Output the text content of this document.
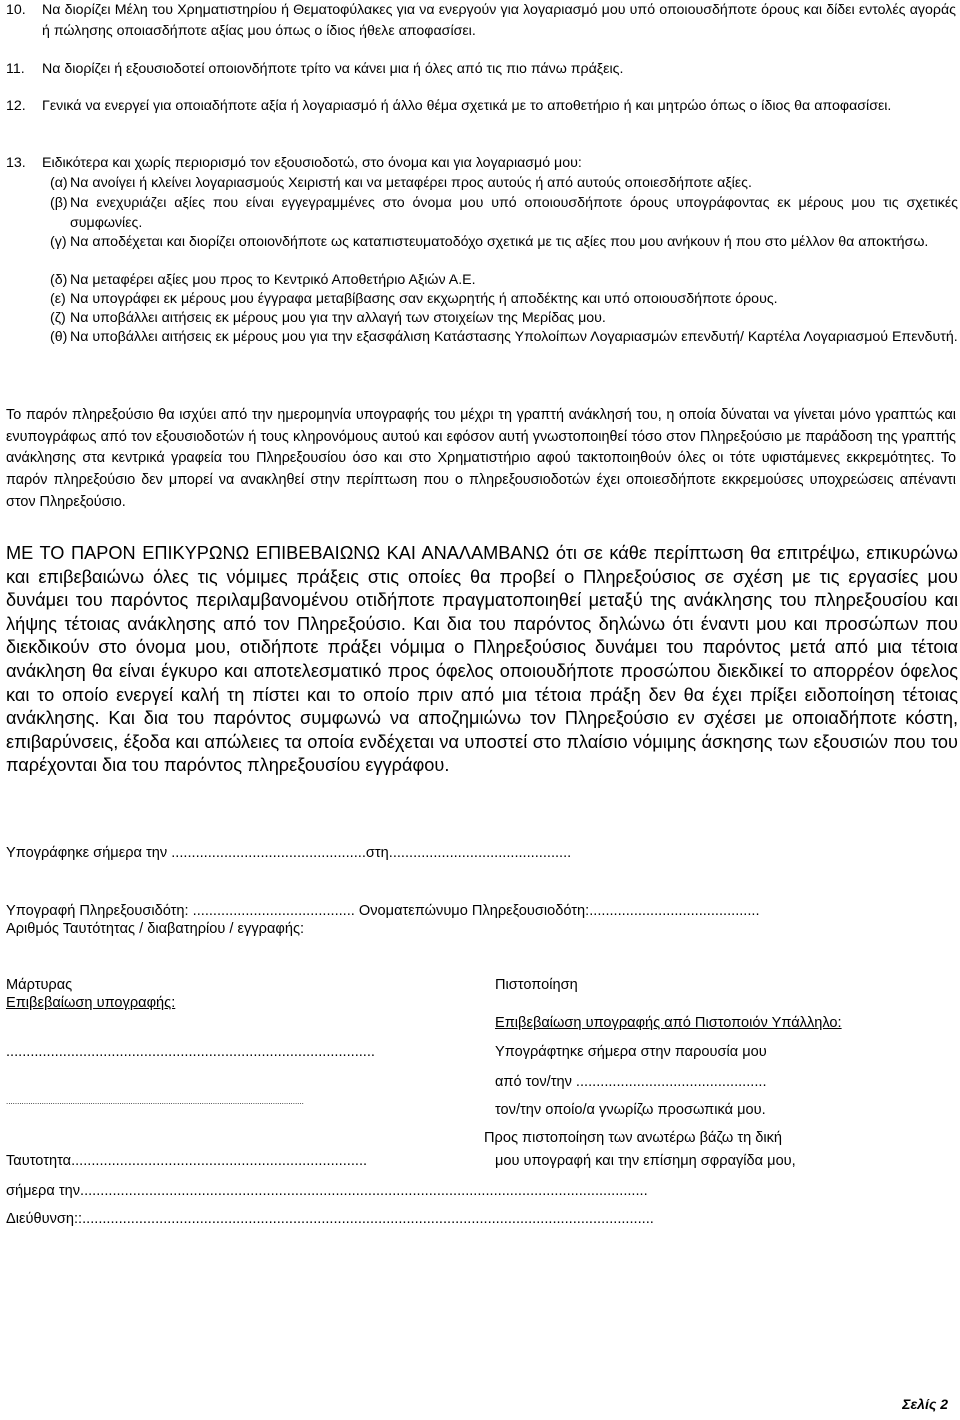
10. Να διορίζει Μέλη του Χρηματιστηρίου ή Θεματοφύλακες για να ενεργούν για λογαριασμό μου υπό οποιουσδήποτε όρους και δίδει εντολές αγοράς ή πώλησης οποιασδήποτε αξίας μου όπως ο ίδιος ήθελε αποφασίσει.
11. Να διορίζει ή εξουσιοδοτεί οποιονδήποτε τρίτο να κάνει μια ή όλες από τις πιο πάνω πράξεις.
12. Γενικά να ενεργεί για οποιαδήποτε αξία ή λογαριασμό ή άλλο θέμα σχετικά με το αποθετήριο ή και μητρώο όπως ο ίδιος θα αποφασίσει.
13. Ειδικότερα και χωρίς περιορισμό τον εξουσιοδοτώ, στο όνομα και για λογαριασμό μου:
(α) Να ανοίγει ή κλείνει λογαριασμούς Χειριστή και να μεταφέρει προς αυτούς ή από αυτούς οποιεσδήποτε αξίες.
(β) Να ενεχυριάζει αξίες που είναι εγγεγραμμένες στο όνομα μου υπό οποιουσδήποτε όρους υπογράφοντας εκ μέρους μου τις σχετικές συμφωνίες.
(γ) Να αποδέχεται και διορίζει οποιονδήποτε ως καταπιστευματοδόχο σχετικά με τις αξίες που μου ανήκουν ή που στο μέλλον θα αποκτήσω.
(δ) Να μεταφέρει αξίες μου προς το Κεντρικό Αποθετήριο Αξιών Α.Ε.
(ε) Να υπογράφει εκ μέρους μου έγγραφα μεταβίβασης σαν εκχωρητής ή αποδέκτης και υπό οποιουσδήποτε όρους.
(ζ) Να υποβάλλει αιτήσεις εκ μέρους μου για την αλλαγή των στοιχείων της Μερίδας μου.
(θ) Να υποβάλλει αιτήσεις εκ μέρους μου για την εξασφάλιση Κατάστασης Υπολοίπων Λογαριασμών επενδυτή/ Καρτέλα Λογαριασμού Επενδυτή.
Το παρόν πληρεξούσιο θα ισχύει από την ημερομηνία υπογραφής του μέχρι τη γραπτή ανάκλησή του, η οποία δύναται να γίνεται μόνο γραπτώς και ενυπογράφως από τον εξουσιοδοτών ή τους κληρονόμους αυτού και εφόσον αυτή γνωστοποιηθεί τόσο στον Πληρεξούσιο με παράδοση της γραπτής ανάκλησης στα κεντρικά γραφεία του Πληρεξουσίου όσο και στο Χρηματιστήριο αφού τακτοποιηθούν όλες οι τότε υφιστάμενες εκκρεμότητες. Το παρόν πληρεξούσιο δεν μπορεί να ανακληθεί στην περίπτωση που ο πληρεξουσιοδοτών έχει οποιεσδήποτε εκκρεμούσες υποχρεώσεις απέναντι στον Πληρεξούσιο.
ΜΕ ΤΟ ΠΑΡΟΝ ΕΠΙΚΥΡΩΝΩ ΕΠΙΒΕΒΑΙΩΝΩ ΚΑΙ ΑΝΑΛΑΜΒΑΝΩ ότι σε κάθε περίπτωση θα επιτρέψω, επικυρώνω και επιβεβαιώνω όλες τις νόμιμες πράξεις στις οποίες θα προβεί ο Πληρεξούσιος σε σχέση με τις εργασίες μου δυνάμει του παρόντος περιλαμβανομένου οτιδήποτε πραγματοποιηθεί μεταξύ της ανάκλησης του πληρεξουσίου και λήψης τέτοιας ανάκλησης από τον Πληρεξούσιο. Και δια του παρόντος δηλώνω ότι έναντι μου και προσώπων που διεκδικούν στο όνομα μου, οτιδήποτε πράξει νόμιμα ο Πληρεξούσιος δυνάμει του παρόντος μετά από μια τέτοια ανάκληση θα είναι έγκυρο και αποτελεσματικό προς όφελος οποιουδήποτε προσώπου διεκδικεί το απορρέον όφελος και το οποίο ενεργεί καλή τη πίστει και το οποίο πριν από μια τέτοια πράξη δεν θα έχει πρίξει ειδοποίηση τέτοιας ανάκλησης. Και δια του παρόντος συμφωνώ να αποζημιώνω τον Πληρεξούσιο εν σχέσει με οποιαδήποτε κόστη, επιβαρύνσεις, έξοδα και απώλειες τα οποία ενδέχεται να υποστεί στο πλαίσιο νόμιμης άσκησης των εξουσιών που του παρέχονται δια του παρόντος πληρεξουσίου εγγράφου.
Υπογράφηκε σήμερα την ................................................στη.............................................
Υπογραφή Πληρεξουσιδότη: ........................................ Ονοματεπώνυμο Πληρεξουσιοδότη:..........................................
Αριθμός Ταυτότητας / διαβατηρίου / εγγραφής:
Μάρτυρας
Επιβεβαίωση υπογραφής:
...........................................................................................
......................................................................................................................................
Ταυτοτητα.........................................................................
σήμερα την............................................................................................................................................
Διεύθυνση::.............................................................................................................................................
Πιστοποίηση
Επιβεβαίωση υπογραφής από Πιστοποιόν Υπάλληλο:
Υπογράφτηκε σήμερα στην παρουσία μου
από τον/την ...............................................
τον/την οποίο/α γνωρίζω προσωπικά μου.
Προς πιστοποίηση των ανωτέρω βάζω τη δική
μου υπογραφή και την επίσημη σφραγίδα μου,
Σελίς 2
